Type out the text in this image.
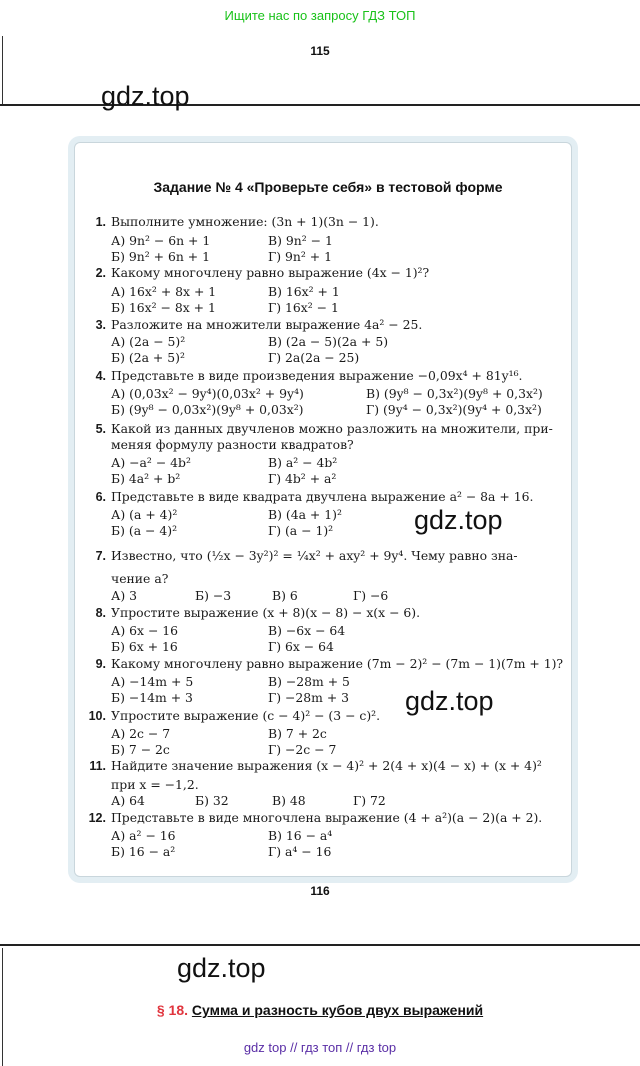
Ищите нас по запросу ГДЗ ТОП
115
gdz.top
Задание № 4 «Проверьте себя» в тестовой форме
1. Выполните умножение: (3n + 1)(3n − 1).
А) 9n² − 6n + 1	В) 9n² − 1
Б) 9n² + 6n + 1	Г) 9n² + 1
2. Какому многочлену равно выражение (4x − 1)²?
А) 16x² + 8x + 1	В) 16x² + 1
Б) 16x² − 8x + 1	Г) 16x² − 1
3. Разложите на множители выражение 4a² − 25.
А) (2a − 5)²	В) (2a − 5)(2a + 5)
Б) (2a + 5)²	Г) 2a(2a − 25)
4. Представьте в виде произведения выражение −0,09x⁴ + 81y¹⁶.
А) (0,03x² − 9y⁴)(0,03x² + 9y⁴)	В) (9y⁸ − 0,3x²)(9y⁸ + 0,3x²)
Б) (9y⁸ − 0,03x²)(9y⁸ + 0,03x²)	Г) (9y⁴ − 0,3x²)(9y⁴ + 0,3x²)
5. Какой из данных двучленов можно разложить на множители, при-
меняя формулу разности квадратов?
А) −a² − 4b²	В) a² − 4b²
Б) 4a² + b²	Г) 4b² + a²
6. Представьте в виде квадрата двучлена выражение a² − 8a + 16.
А) (a + 4)²	В) (4a + 1)²
Б) (a − 4)²	Г) (a − 1)²
7. Известно, что (½x − 3y²)² = ¼x² + axy² + 9y⁴. Чему равно зна-
чение a?
А) 3	Б) −3	В) 6	Г) −6
8. Упростите выражение (x + 8)(x − 8) − x(x − 6).
А) 6x − 16	В) −6x − 64
Б) 6x + 16	Г) 6x − 64
9. Какому многочлену равно выражение (7m − 2)² − (7m − 1)(7m + 1)?
А) −14m + 5	В) −28m + 5
Б) −14m + 3	Г) −28m + 3
10. Упростите выражение (c − 4)² − (3 − c)².
А) 2c − 7	В) 7 + 2c
Б) 7 − 2c	Г) −2c − 7
11. Найдите значение выражения (x − 4)² + 2(4 + x)(4 − x) + (x + 4)²
при x = −1,2.
А) 64	Б) 32	В) 48	Г) 72
12. Представьте в виде многочлена выражение (4 + a²)(a − 2)(a + 2).
А) a² − 16	В) 16 − a⁴
Б) 16 − a²	Г) a⁴ − 16
gdz.top
gdz.top
116
gdz.top
§ 18. Сумма и разность кубов двух выражений
gdz top // гдз топ // гдз top
